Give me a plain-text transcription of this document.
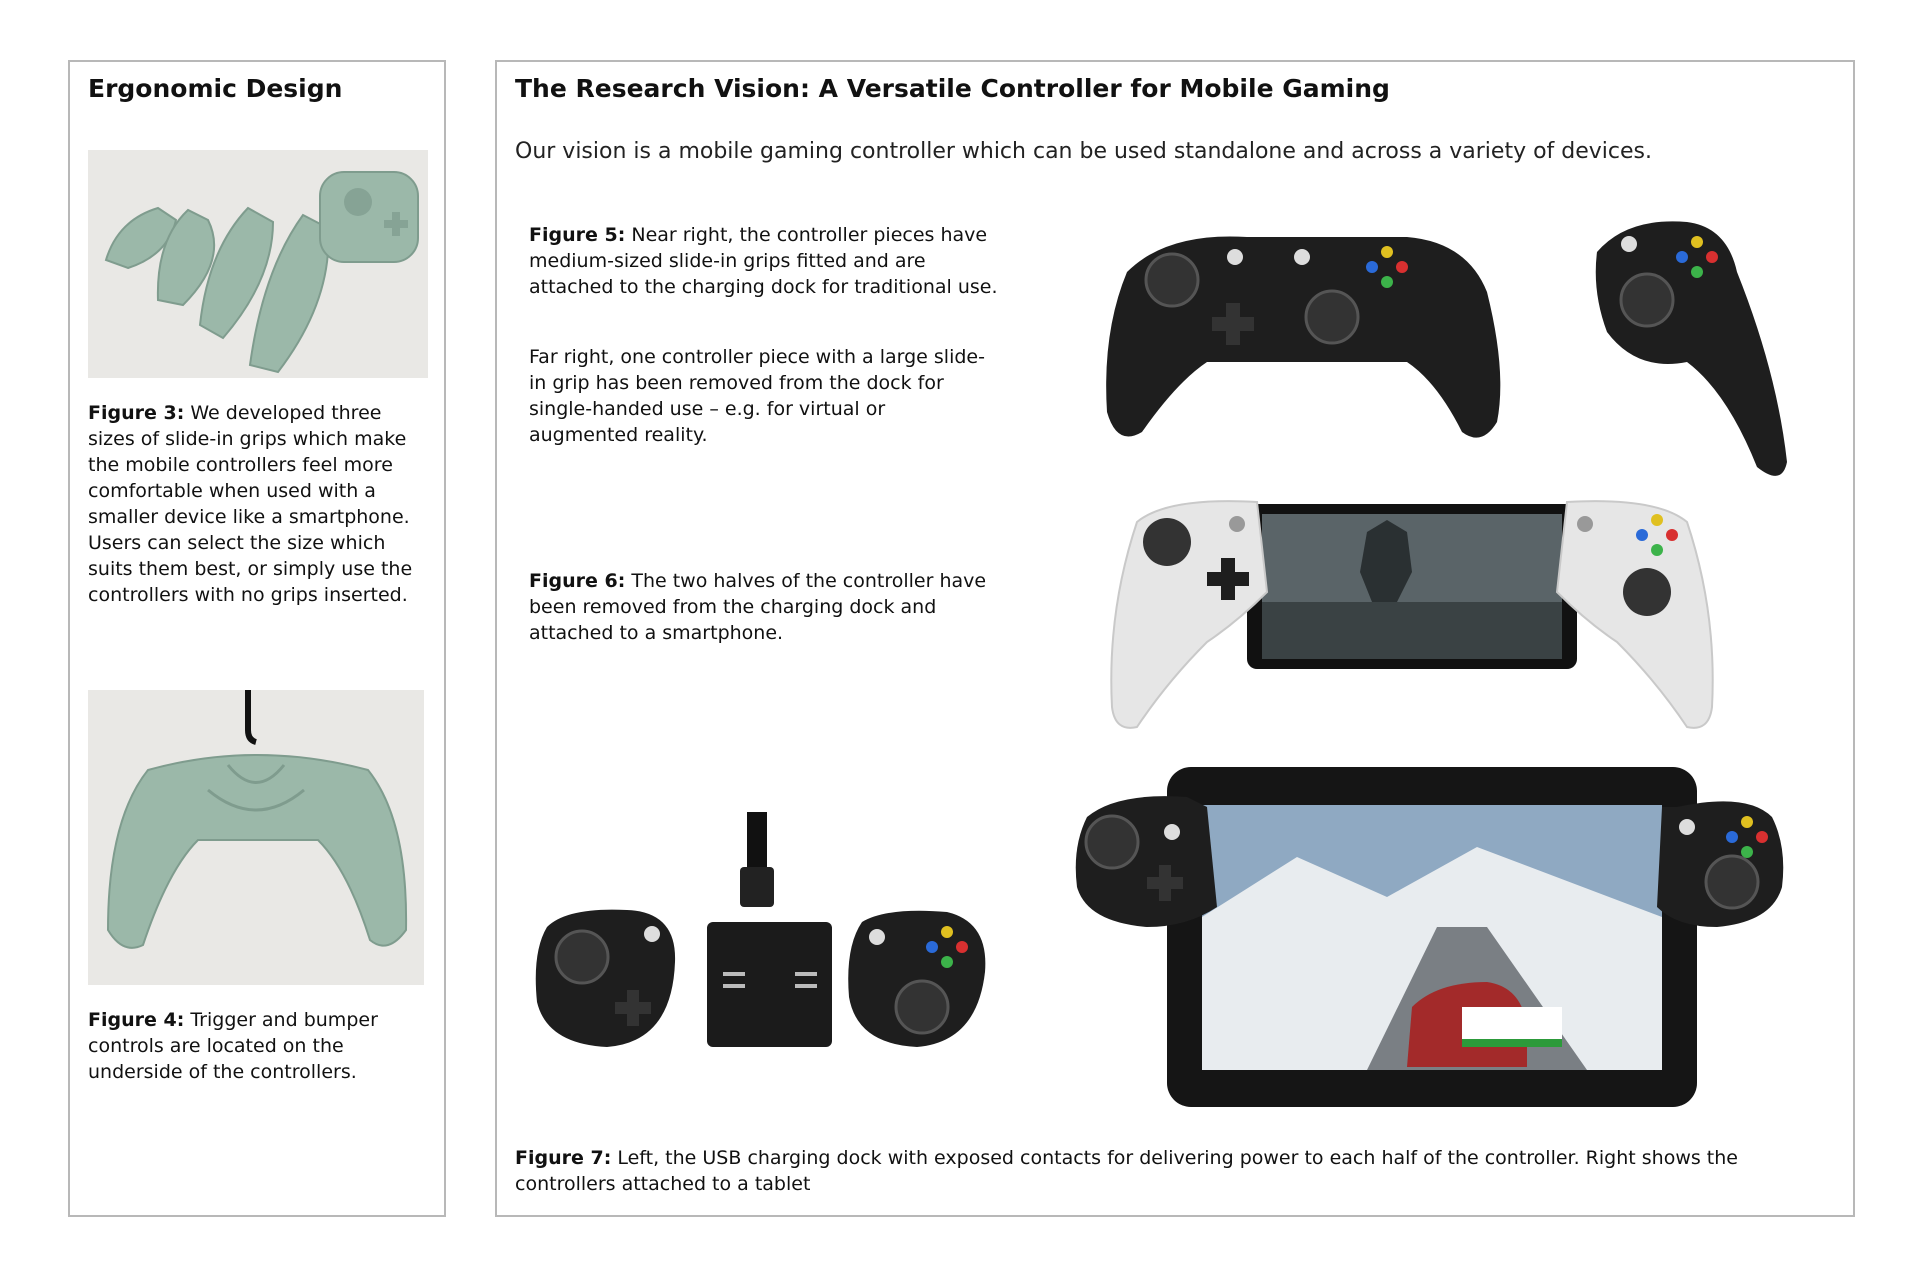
Ergonomic Design
Figure 3: We developed three sizes of slide-in grips which make the mobile controllers feel more comfortable when used with a smaller device like a smartphone. Users can select the size which suits them best, or simply use the controllers with no grips inserted.
Figure 4: Trigger and bumper controls are located on the underside of the controllers.
The Research Vision: A Versatile Controller for Mobile Gaming
Our vision is a mobile gaming controller which can be used standalone and across a variety of devices.
Figure 5: Near right, the controller pieces have medium-sized slide-in grips fitted and are attached to the charging dock for traditional use.
Far right, one controller piece with a large slide-in grip has been removed from the dock for single-handed use – e.g. for virtual or augmented reality.
Figure 6: The two halves of the controller have been removed from the charging dock and attached to a smartphone.
Figure 7: Left, the USB charging dock with exposed contacts for delivering power to each half of the controller. Right shows the controllers attached to a tablet
